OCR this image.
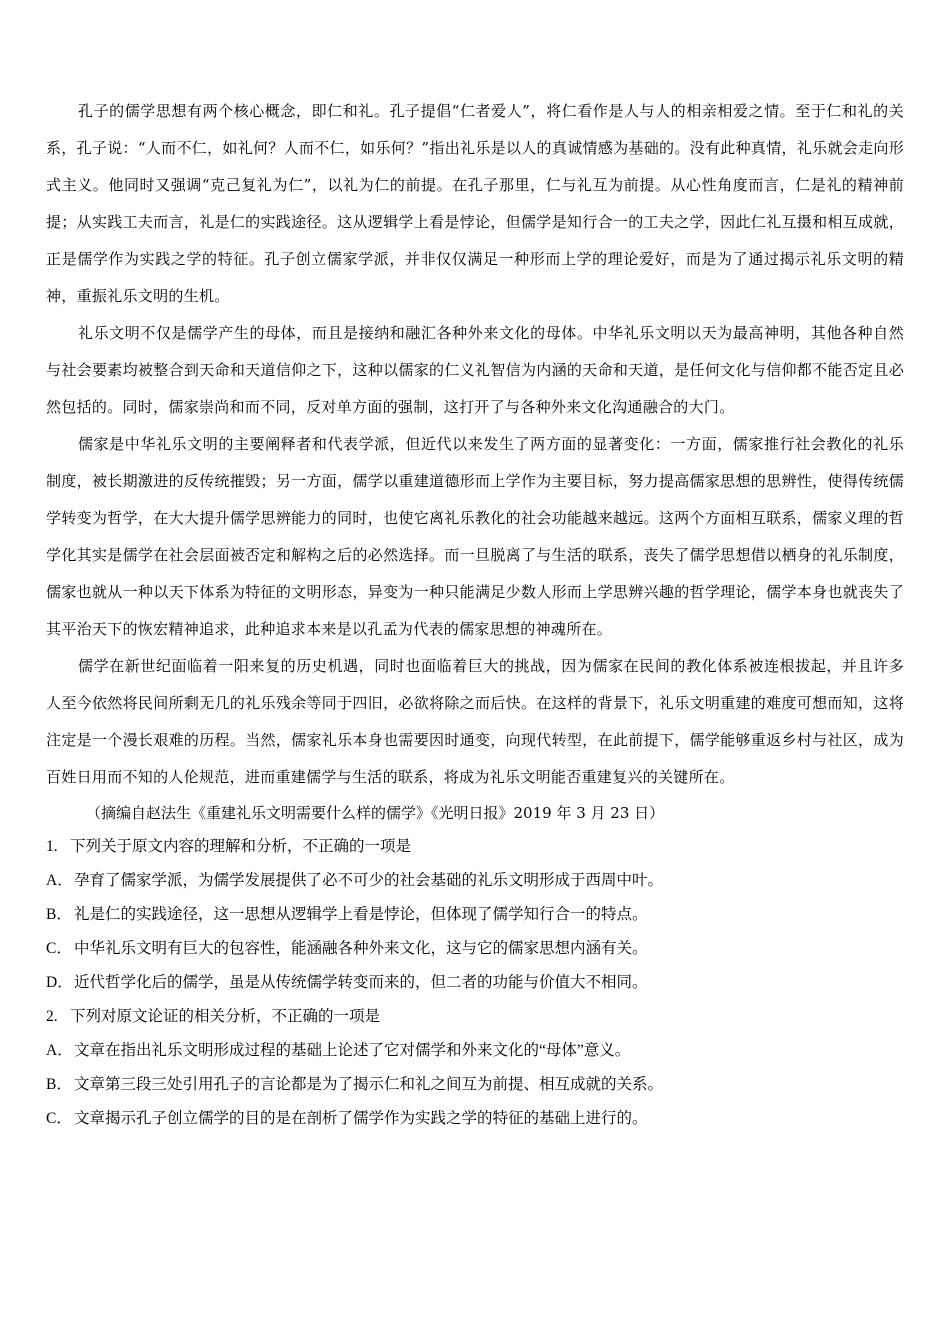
孔子的儒学思想有两个核心概念，即仁和礼。孔子提倡“仁者爱人”，将仁看作是人与人的相亲相爱之情。至于仁和礼的关系，孔子说：“人而不仁，如礼何？人而不仁，如乐何？”指出礼乐是以人的真诚情感为基础的。没有此种真情，礼乐就会走向形式主义。他同时又强调“克己复礼为仁”，以礼为仁的前提。在孔子那里，仁与礼互为前提。从心性角度而言，仁是礼的精神前提；从实践工夫而言，礼是仁的实践途径。这从逻辑学上看是悖论，但儒学是知行合一的工夫之学，因此仁礼互摄和相互成就，正是儒学作为实践之学的特征。孔子创立儒家学派，并非仅仅满足一种形而上学的理论爱好，而是为了通过揭示礼乐文明的精神，重振礼乐文明的生机。

礼乐文明不仅是儒学产生的母体，而且是接纳和融汇各种外来文化的母体。中华礼乐文明以天为最高神明，其他各种自然与社会要素均被整合到天命和天道信仰之下，这种以儒家的仁义礼智信为内涵的天命和天道，是任何文化与信仰都不能否定且必然包括的。同时，儒家崇尚和而不同，反对单方面的强制，这打开了与各种外来文化沟通融合的大门。

儒家是中华礼乐文明的主要阐释者和代表学派，但近代以来发生了两方面的显著变化：一方面，儒家推行社会教化的礼乐制度，被长期激进的反传统摧毁；另一方面，儒学以重建道德形而上学作为主要目标，努力提高儒家思想的思辨性，使得传统儒学转变为哲学，在大大提升儒学思辨能力的同时，也使它离礼乐教化的社会功能越来越远。这两个方面相互联系，儒家义理的哲学化其实是儒学在社会层面被否定和解构之后的必然选择。而一旦脱离了与生活的联系，丧失了儒学思想借以栖身的礼乐制度，儒家也就从一种以天下体系为特征的文明形态，异变为一种只能满足少数人形而上学思辨兴趣的哲学理论，儒学本身也就丧失了其平治天下的恢宏精神追求，此种追求本来是以孔孟为代表的儒家思想的神魂所在。

儒学在新世纪面临着一阳来复的历史机遇，同时也面临着巨大的挑战，因为儒家在民间的教化体系被连根拔起，并且许多人至今依然将民间所剩无几的礼乐残余等同于四旧，必欲将除之而后快。在这样的背景下，礼乐文明重建的难度可想而知，这将注定是一个漫长艰难的历程。当然，儒家礼乐本身也需要因时通变，向现代转型，在此前提下，儒学能够重返乡村与社区，成为百姓日用而不知的人伦规范，进而重建儒学与生活的联系，将成为礼乐文明能否重建复兴的关键所在。

（摘编自赵法生《重建礼乐文明需要什么样的儒学》《光明日报》2019 年 3 月 23 日）

1. 下列关于原文内容的理解和分析，不正确的一项是

A．孕育了儒家学派，为儒学发展提供了必不可少的社会基础的礼乐文明形成于西周中叶。

B． 礼是仁的实践途径，这一思想从逻辑学上看是悖论，但体现了儒学知行合一的特点。

C． 中华礼乐文明有巨大的包容性，能涵融各种外来文化，这与它的儒家思想内涵有关。

D．近代哲学化后的儒学，虽是从传统儒学转变而来的，但二者的功能与价值大不相同。

2. 下列对原文论证的相关分析，不正确的一项是

A．文章在指出礼乐文明形成过程的基础上论述了它对儒学和外来文化的“母体”意义。

B． 文章第三段三处引用孔子的言论都是为了揭示仁和礼之间互为前提、相互成就的关系。

C． 文章揭示孔子创立儒学的目的是在剖析了儒学作为实践之学的特征的基础上进行的。
